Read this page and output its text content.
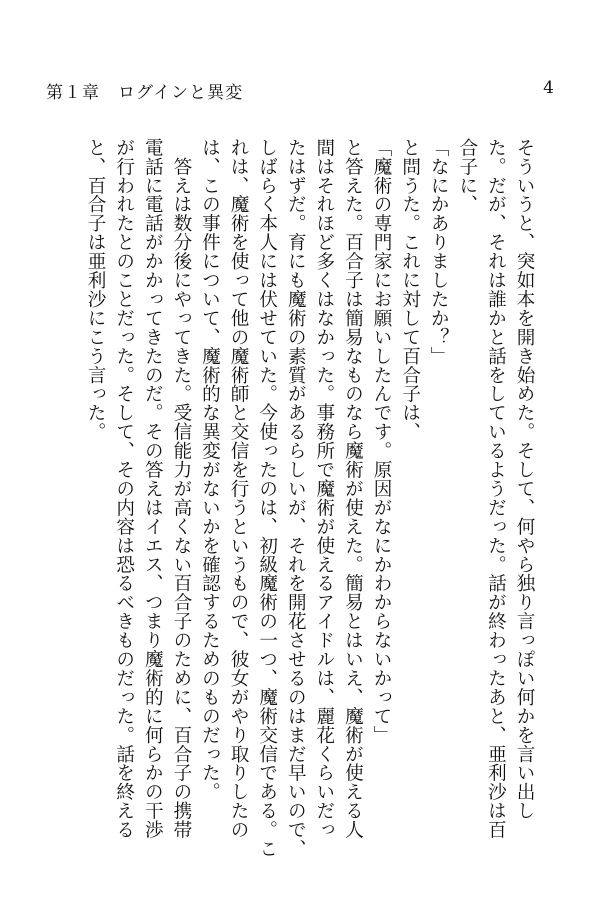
第１章　ログインと異変	4
そういうと、突如本を開き始めた。そして、何やら独り言っぽい何かを言い出し
た。だが、それは誰かと話をしているようだった。話が終わったあと、亜利沙は百
合子に、
「なにかありましたか？」
と問うた。これに対して百合子は、
「魔術の専門家にお願いしたんです。原因がなにかわからないかって」
と答えた。百合子は簡易なものなら魔術が使えた。簡易とはいえ、魔術が使える人
間はそれほど多くはなかった。事務所で魔術が使えるアイドルは、麗花くらいだっ
たはずだ。育にも魔術の素質があるらしいが、それを開花させるのはまだ早いので、
しばらく本人には伏せていた。今使ったのは、初級魔術の一つ、魔術交信である。こ
れは、魔術を使って他の魔術師と交信を行うというもので、彼女がやり取りしたの
は、この事件について、魔術的な異変がないかを確認するためのものだった。
　答えは数分後にやってきた。受信能力が高くない百合子のために、百合子の携帯
電話に電話がかかってきたのだ。その答えはイエス、つまり魔術的に何らかの干渉
が行われたとのことだった。そして、その内容は恐るべきものだった。話を終える
と、百合子は亜利沙にこう言った。
